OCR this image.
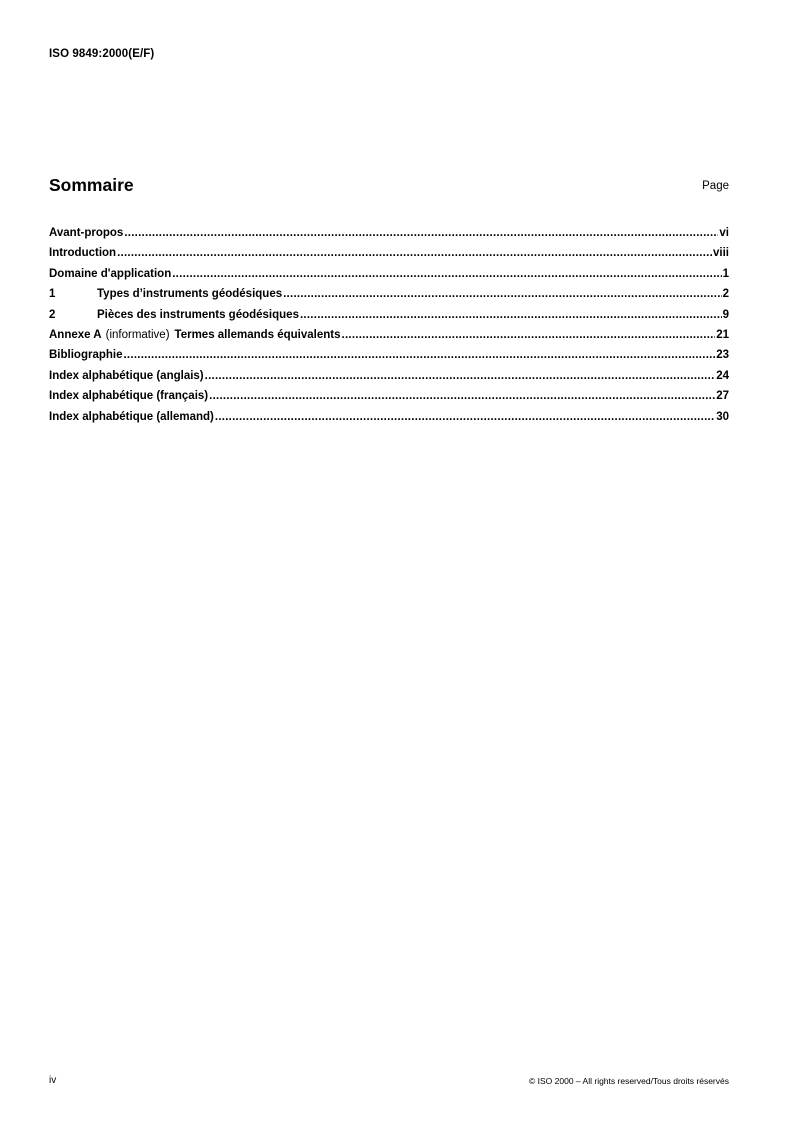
ISO 9849:2000(E/F)
Sommaire	Page
Avant-propos .....	vi
Introduction .....	viii
Domaine d'application .....	1
1	Types d’instruments géodésiques .....	2
2	Pièces des instruments géodésiques .....	9
Annexe A (informative) Termes allemands équivalents .....	21
Bibliographie .....	23
Index alphabétique (anglais) .....	24
Index alphabétique (français) .....	27
Index alphabétique (allemand) .....	30
iv	© ISO 2000 – All rights reserved/Tous droits réservés
